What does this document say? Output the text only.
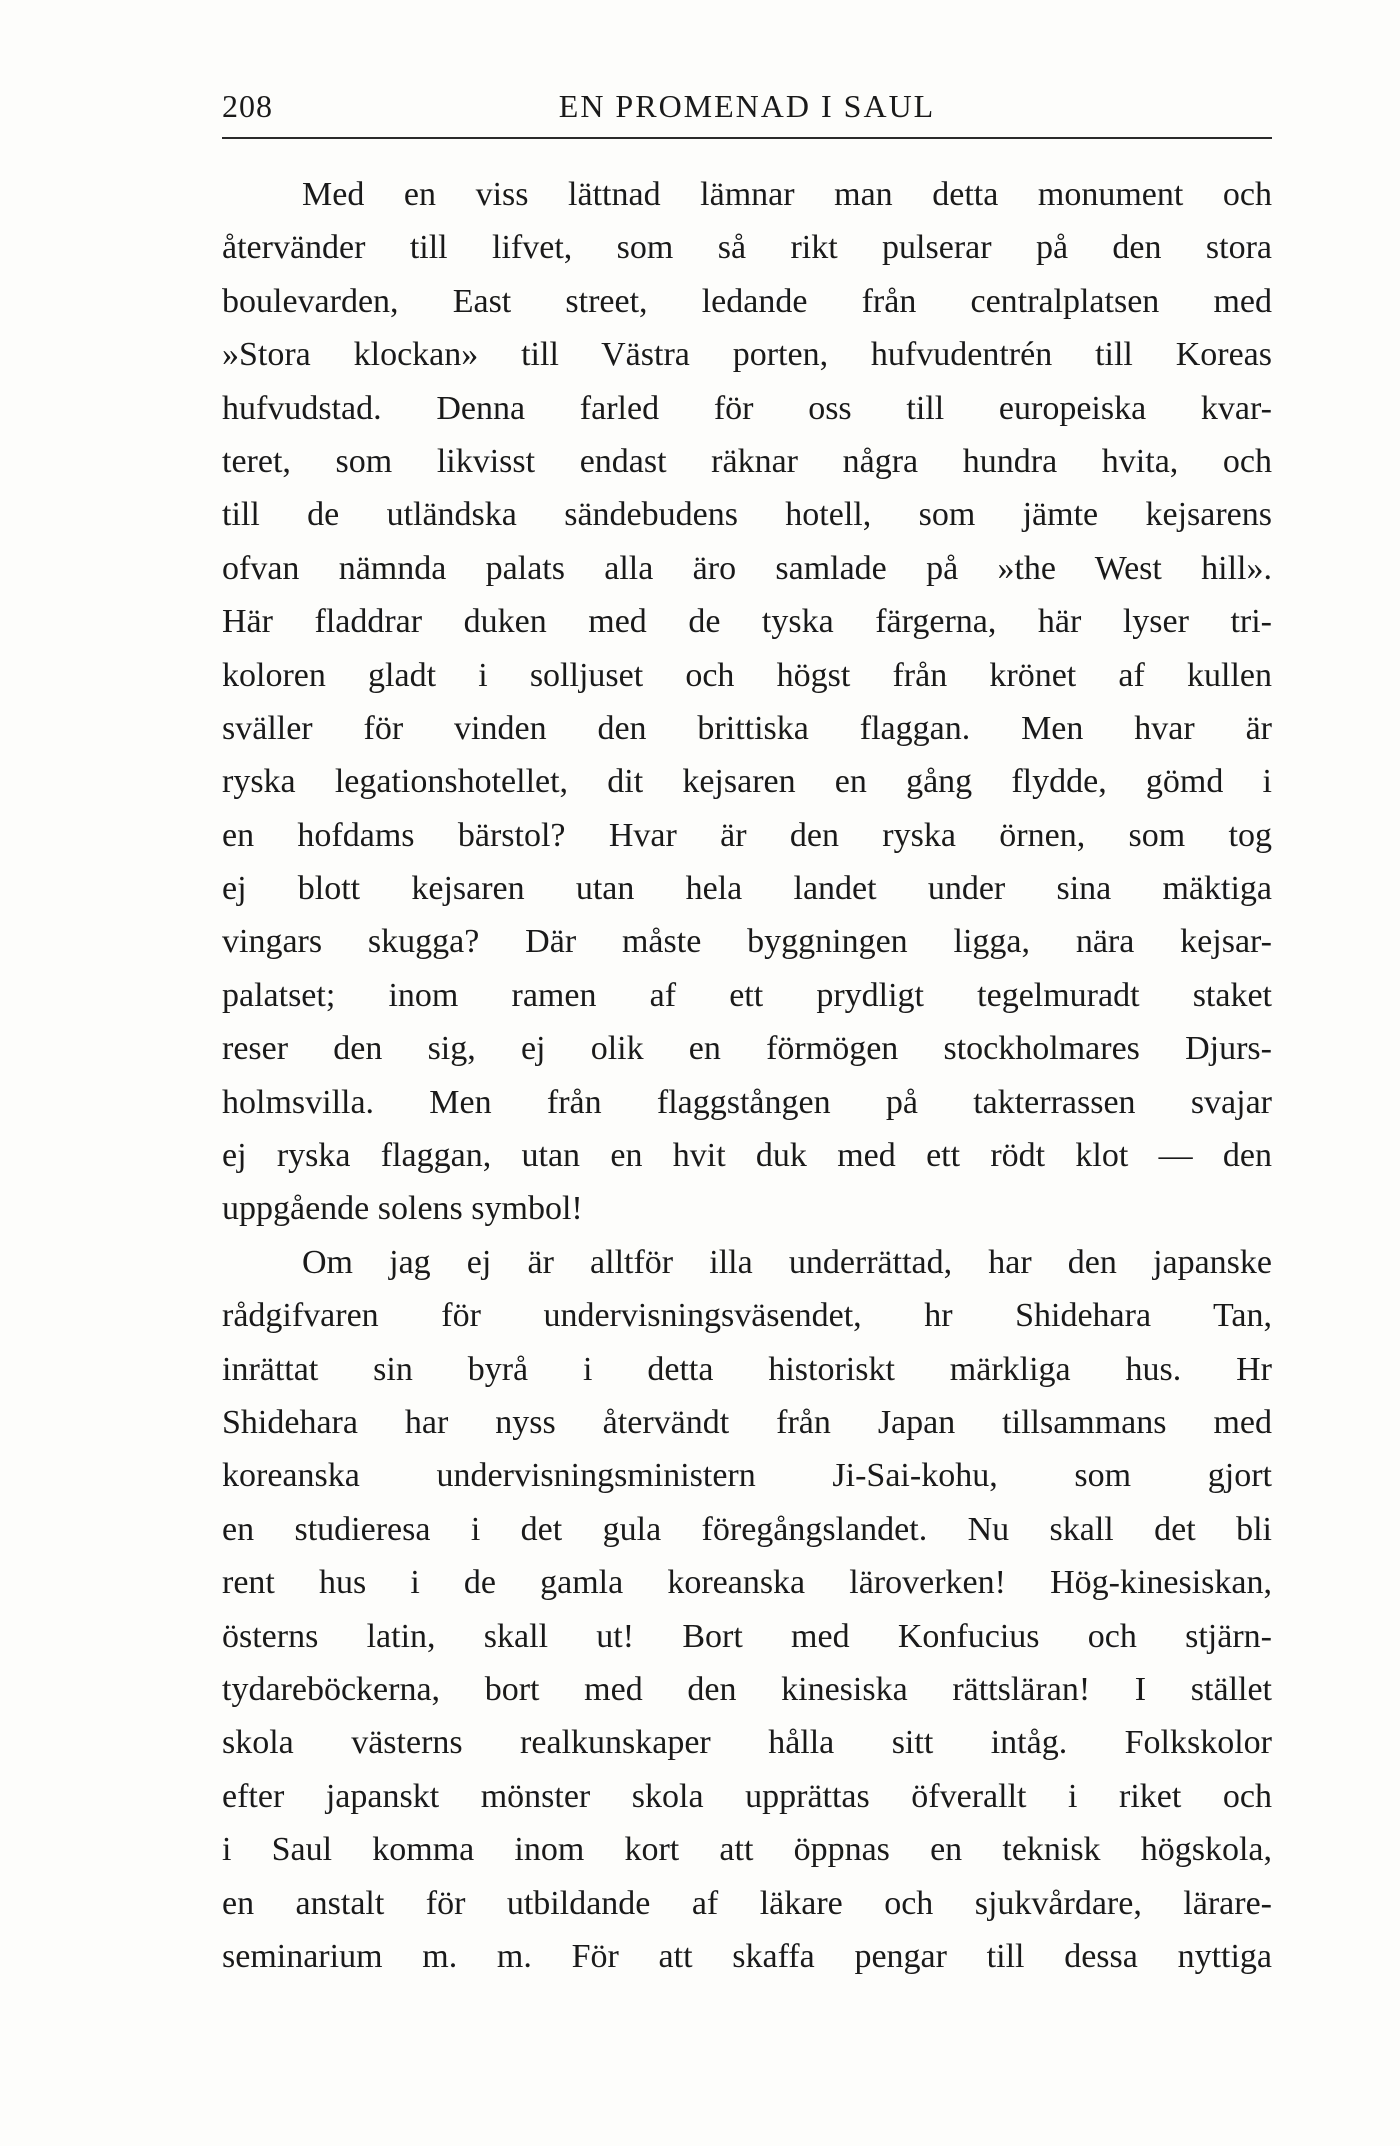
208	EN PROMENAD I SAUL
Med en viss lättnad lämnar man detta monument och
återvänder till lifvet, som så rikt pulserar på den stora
boulevarden, East street, ledande från centralplatsen med
»Stora klockan» till Västra porten, hufvudentrén till Koreas
hufvudstad. Denna farled för oss till europeiska kvar-
teret, som likvisst endast räknar några hundra hvita, och
till de utländska sändebudens hotell, som jämte kejsarens
ofvan nämnda palats alla äro samlade på »the West hill».
Här fladdrar duken med de tyska färgerna, här lyser tri-
koloren gladt i solljuset och högst från krönet af kullen
sväller för vinden den brittiska flaggan. Men hvar är
ryska legationshotellet, dit kejsaren en gång flydde, gömd i
en hofdams bärstol? Hvar är den ryska örnen, som tog
ej blott kejsaren utan hela landet under sina mäktiga
vingars skugga? Där måste byggningen ligga, nära kejsar-
palatset; inom ramen af ett prydligt tegelmuradt staket
reser den sig, ej olik en förmögen stockholmares Djurs-
holmsvilla. Men från flaggstången på takterrassen svajar
ej ryska flaggan, utan en hvit duk med ett rödt klot — den
uppgående solens symbol!
Om jag ej är alltför illa underrättad, har den japanske
rådgifvaren för undervisningsväsendet, hr Shidehara Tan,
inrättat sin byrå i detta historiskt märkliga hus. Hr
Shidehara har nyss återvändt från Japan tillsammans med
koreanska undervisningsministern Ji-Sai-kohu, som gjort
en studieresa i det gula föregångslandet. Nu skall det bli
rent hus i de gamla koreanska läroverken! Hög-kinesiskan,
österns latin, skall ut! Bort med Konfucius och stjärn-
tydareböckerna, bort med den kinesiska rättsläran! I stället
skola västerns realkunskaper hålla sitt intåg. Folkskolor
efter japanskt mönster skola upprättas öfverallt i riket och
i Saul komma inom kort att öppnas en teknisk högskola,
en anstalt för utbildande af läkare och sjukvårdare, lärare-
seminarium m. m. För att skaffa pengar till dessa nyttiga
